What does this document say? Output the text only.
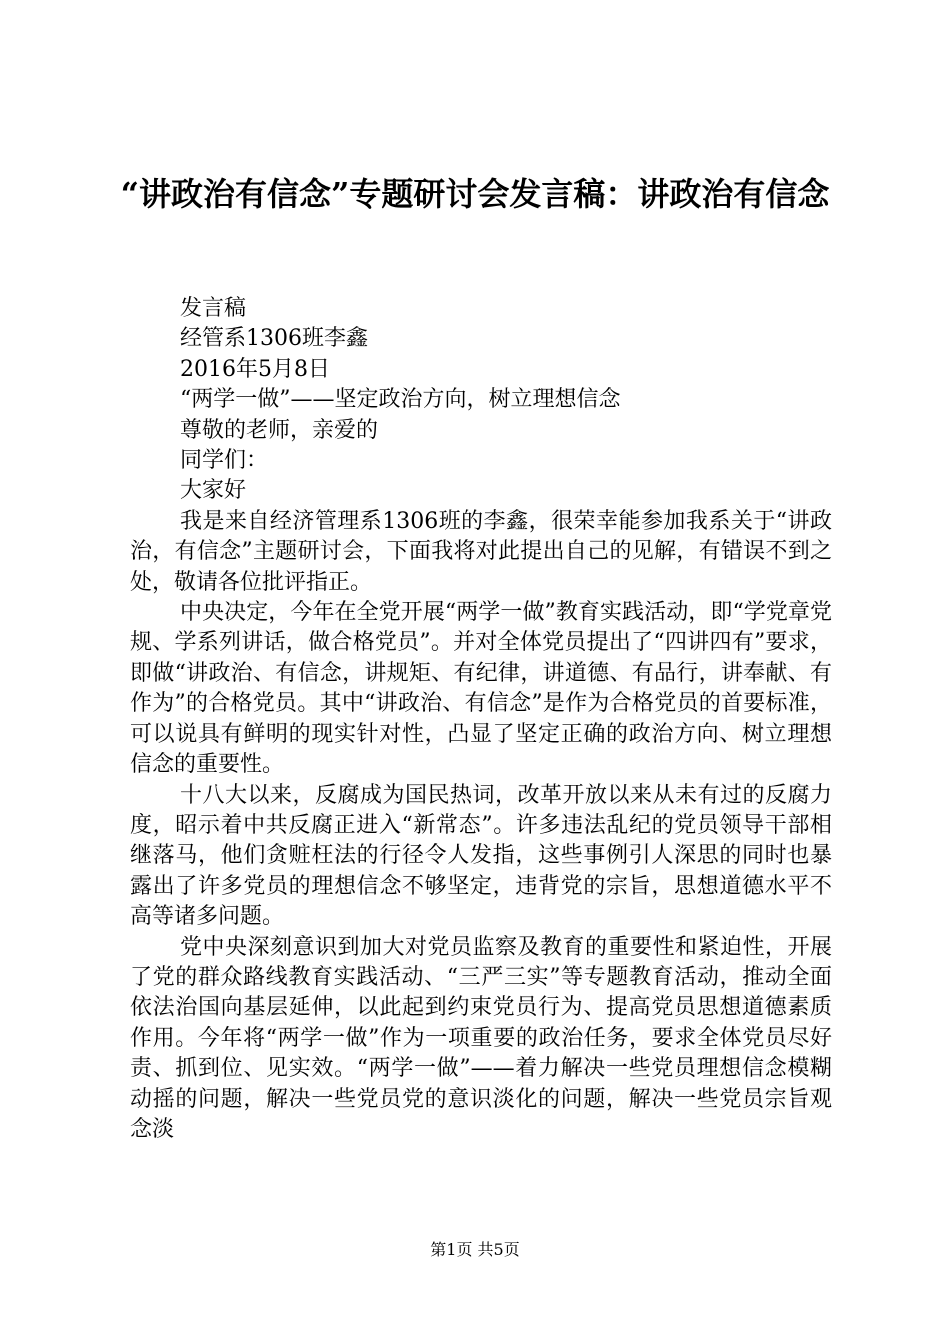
“讲政治有信念”专题研讨会发言稿：讲政治有信念

发言稿

经管系1306班李鑫

2016年5月8日

“两学一做”——坚定政治方向，树立理想信念

尊敬的老师，亲爱的

同学们：

大家好

我是来自经济管理系1306班的李鑫，很荣幸能参加我系关于“讲政治，有信念”主题研讨会，下面我将对此提出自己的见解，有错误不到之处，敬请各位批评指正。

中央决定，今年在全党开展“两学一做”教育实践活动，即“学党章党规、学系列讲话，做合格党员”。并对全体党员提出了“四讲四有”要求，即做“讲政治、有信念，讲规矩、有纪律，讲道德、有品行，讲奉献、有作为”的合格党员。其中“讲政治、有信念”是作为合格党员的首要标准，可以说具有鲜明的现实针对性，凸显了坚定正确的政治方向、树立理想信念的重要性。

十八大以来，反腐成为国民热词，改革开放以来从未有过的反腐力度，昭示着中共反腐正进入“新常态”。许多违法乱纪的党员领导干部相继落马，他们贪赃枉法的行径令人发指，这些事例引人深思的同时也暴露出了许多党员的理想信念不够坚定，违背党的宗旨，思想道德水平不高等诸多问题。

党中央深刻意识到加大对党员监察及教育的重要性和紧迫性，开展了党的群众路线教育实践活动、“三严三实”等专题教育活动，推动全面依法治国向基层延伸，以此起到约束党员行为、提高党员思想道德素质作用。今年将“两学一做”作为一项重要的政治任务，要求全体党员尽好责、抓到位、见实效。“两学一做”——着力解决一些党员理想信念模糊动摇的问题，解决一些党员党的意识淡化的问题，解决一些党员宗旨观念淡

第1页 共5页
